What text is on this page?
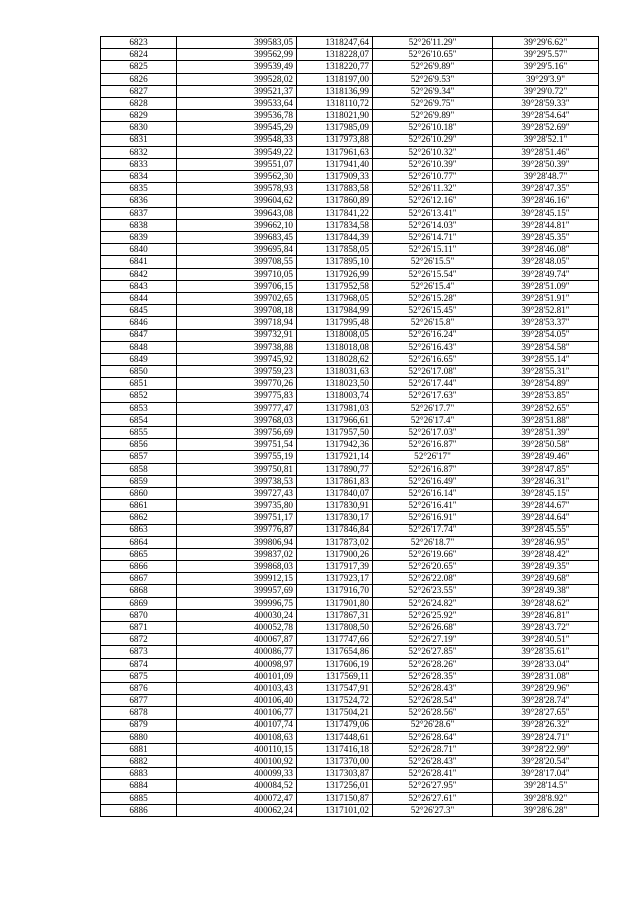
6823	399583,05	1318247,64	52°26'11.29"	39°29'6.62"
6824	399562,99	1318228,07	52°26'10.65"	39°29'5.57"
6825	399539,49	1318220,77	52°26'9.89"	39°29'5.16"
6826	399528,02	1318197,00	52°26'9.53"	39°29'3.9"
6827	399521,37	1318136,99	52°26'9.34"	39°29'0.72"
6828	399533,64	1318110,72	52°26'9.75"	39°28'59.33"
6829	399536,78	1318021,90	52°26'9.89"	39°28'54.64"
6830	399545,29	1317985,09	52°26'10.18"	39°28'52.69"
6831	399548,33	1317973,88	52°26'10.29"	39°28'52.1"
6832	399549,22	1317961,63	52°26'10.32"	39°28'51.46"
6833	399551,07	1317941,40	52°26'10.39"	39°28'50.39"
6834	399562,30	1317909,33	52°26'10.77"	39°28'48.7"
6835	399578,93	1317883,58	52°26'11.32"	39°28'47.35"
6836	399604,62	1317860,89	52°26'12.16"	39°28'46.16"
6837	399643,08	1317841,22	52°26'13.41"	39°28'45.15"
6838	399662,10	1317834,58	52°26'14.03"	39°28'44.81"
6839	399683,45	1317844,39	52°26'14.71"	39°28'45.35"
6840	399695,84	1317858,05	52°26'15.11"	39°28'46.08"
6841	399708,55	1317895,10	52°26'15.5"	39°28'48.05"
6842	399710,05	1317926,99	52°26'15.54"	39°28'49.74"
6843	399706,15	1317952,58	52°26'15.4"	39°28'51.09"
6844	399702,65	1317968,05	52°26'15.28"	39°28'51.91"
6845	399708,18	1317984,99	52°26'15.45"	39°28'52.81"
6846	399718,94	1317995,48	52°26'15.8"	39°28'53.37"
6847	399732,91	1318008,05	52°26'16.24"	39°28'54.05"
6848	399738,88	1318018,08	52°26'16.43"	39°28'54.58"
6849	399745,92	1318028,62	52°26'16.65"	39°28'55.14"
6850	399759,23	1318031,63	52°26'17.08"	39°28'55.31"
6851	399770,26	1318023,50	52°26'17.44"	39°28'54.89"
6852	399775,83	1318003,74	52°26'17.63"	39°28'53.85"
6853	399777,47	1317981,03	52°26'17.7"	39°28'52.65"
6854	399768,03	1317966,61	52°26'17.4"	39°28'51.88"
6855	399756,69	1317957,50	52°26'17.03"	39°28'51.39"
6856	399751,54	1317942,36	52°26'16.87"	39°28'50.58"
6857	399755,19	1317921,14	52°26'17"	39°28'49.46"
6858	399750,81	1317890,77	52°26'16.87"	39°28'47.85"
6859	399738,53	1317861,83	52°26'16.49"	39°28'46.31"
6860	399727,43	1317840,07	52°26'16.14"	39°28'45.15"
6861	399735,80	1317830,91	52°26'16.41"	39°28'44.67"
6862	399751,17	1317830,17	52°26'16.91"	39°28'44.64"
6863	399776,87	1317846,84	52°26'17.74"	39°28'45.55"
6864	399806,94	1317873,02	52°26'18.7"	39°28'46.95"
6865	399837,02	1317900,26	52°26'19.66"	39°28'48.42"
6866	399868,03	1317917,39	52°26'20.65"	39°28'49.35"
6867	399912,15	1317923,17	52°26'22.08"	39°28'49.68"
6868	399957,69	1317916,70	52°26'23.55"	39°28'49.38"
6869	399996,75	1317901,80	52°26'24.82"	39°28'48.62"
6870	400030,24	1317867,31	52°26'25.92"	39°28'46.81"
6871	400052,78	1317808,50	52°26'26.68"	39°28'43.72"
6872	400067,87	1317747,66	52°26'27.19"	39°28'40.51"
6873	400086,77	1317654,86	52°26'27.85"	39°28'35.61"
6874	400098,97	1317606,19	52°26'28.26"	39°28'33.04"
6875	400101,09	1317569,11	52°26'28.35"	39°28'31.08"
6876	400103,43	1317547,91	52°26'28.43"	39°28'29.96"
6877	400106,40	1317524,72	52°26'28.54"	39°28'28.74"
6878	400106,77	1317504,21	52°26'28.56"	39°28'27.65"
6879	400107,74	1317479,06	52°26'28.6"	39°28'26.32"
6880	400108,63	1317448,61	52°26'28.64"	39°28'24.71"
6881	400110,15	1317416,18	52°26'28.71"	39°28'22.99"
6882	400100,92	1317370,00	52°26'28.43"	39°28'20.54"
6883	400099,33	1317303,87	52°26'28.41"	39°28'17.04"
6884	400084,52	1317256,01	52°26'27.95"	39°28'14.5"
6885	400072,47	1317150,87	52°26'27.61"	39°28'8.92"
6886	400062,24	1317101,02	52°26'27.3"	39°28'6.28"
